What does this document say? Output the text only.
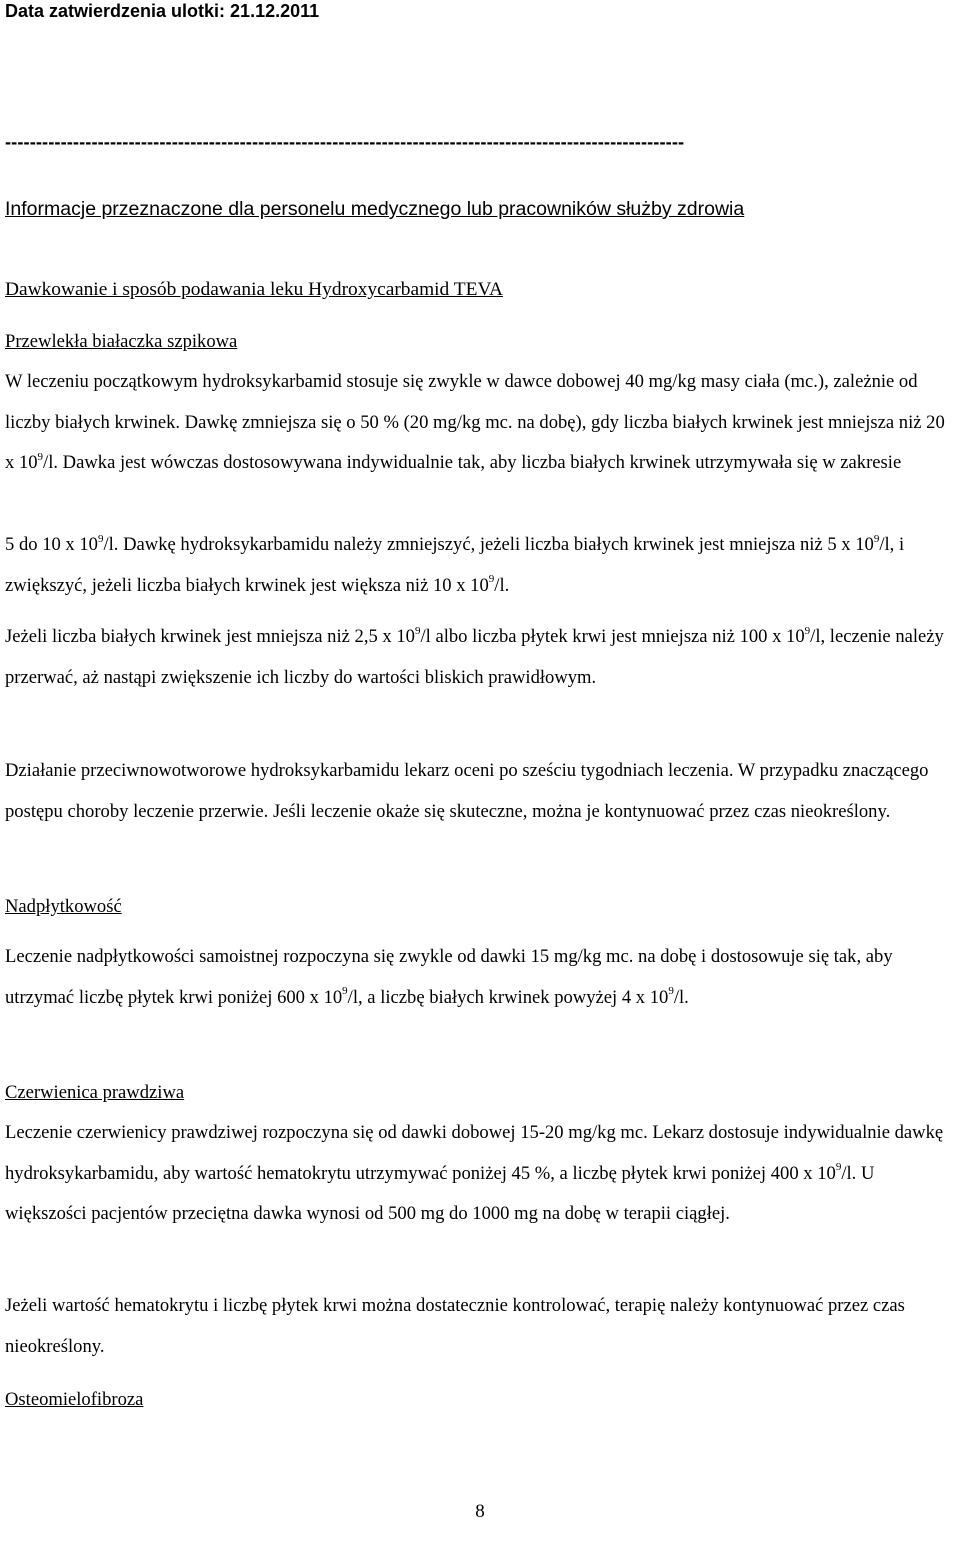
Data zatwierdzenia ulotki: 21.12.2011
--------------------------------------------------------------------------------------------------------------
Informacje przeznaczone dla personelu medycznego lub pracowników służby zdrowia
Dawkowanie i sposób podawania leku Hydroxycarbamid TEVA
Przewlekła białaczka szpikowa
W leczeniu początkowym hydroksykarbamid stosuje się zwykle w dawce dobowej 40 mg/kg masy ciała (mc.), zależnie od liczby białych krwinek. Dawkę zmniejsza się o 50 % (20 mg/kg mc. na dobę), gdy liczba białych krwinek jest mniejsza niż 20 x $10^9/l$. Dawka jest wówczas dostosowywana indywidualnie tak, aby liczba białych krwinek utrzymywała się w zakresie
5 do 10 x $10^9/l$. Dawkę hydroksykarbamidu należy zmniejszyć, jeżeli liczba białych krwinek jest mniejsza niż 5 x $10^9/l$, i zwiększyć, jeżeli liczba białych krwinek jest większa niż 10 x $10^9/l$.
Jeżeli liczba białych krwinek jest mniejsza niż 2,5 x $10^9/l$ albo liczba płytek krwi jest mniejsza niż 100 x $10^9/l$, leczenie należy przerwać, aż nastąpi zwiększenie ich liczby do wartości bliskich prawidłowym.
Działanie przeciwnowotworowe hydroksykarbamidu lekarz oceni po sześciu tygodniach leczenia. W przypadku znaczącego postępu choroby leczenie przerwie. Jeśli leczenie okaże się skuteczne, można je kontynuować przez czas nieokreślony.
Nadpłytkowość
Leczenie nadpłytkowości samoistnej rozpoczyna się zwykle od dawki 15 mg/kg mc. na dobę i dostosowuje się tak, aby utrzymać liczbę płytek krwi poniżej 600 x $10^9/l$, a liczbę białych krwinek powyżej 4 x $10^9/l$.
Czerwienica prawdziwa
Leczenie czerwienicy prawdziwej rozpoczyna się od dawki dobowej 15-20 mg/kg mc. Lekarz dostosuje indywidualnie dawkę hydroksykarbamidu, aby wartość hematokrytu utrzymywać poniżej 45 %, a liczbę płytek krwi poniżej 400 x $10^9/l$. U większości pacjentów przeciętna dawka wynosi od 500 mg do 1000 mg na dobę w terapii ciągłej.
Jeżeli wartość hematokrytu i liczbę płytek krwi można dostatecznie kontrolować, terapię należy kontynuować przez czas nieokreślony.
Osteomielofibroza
8
